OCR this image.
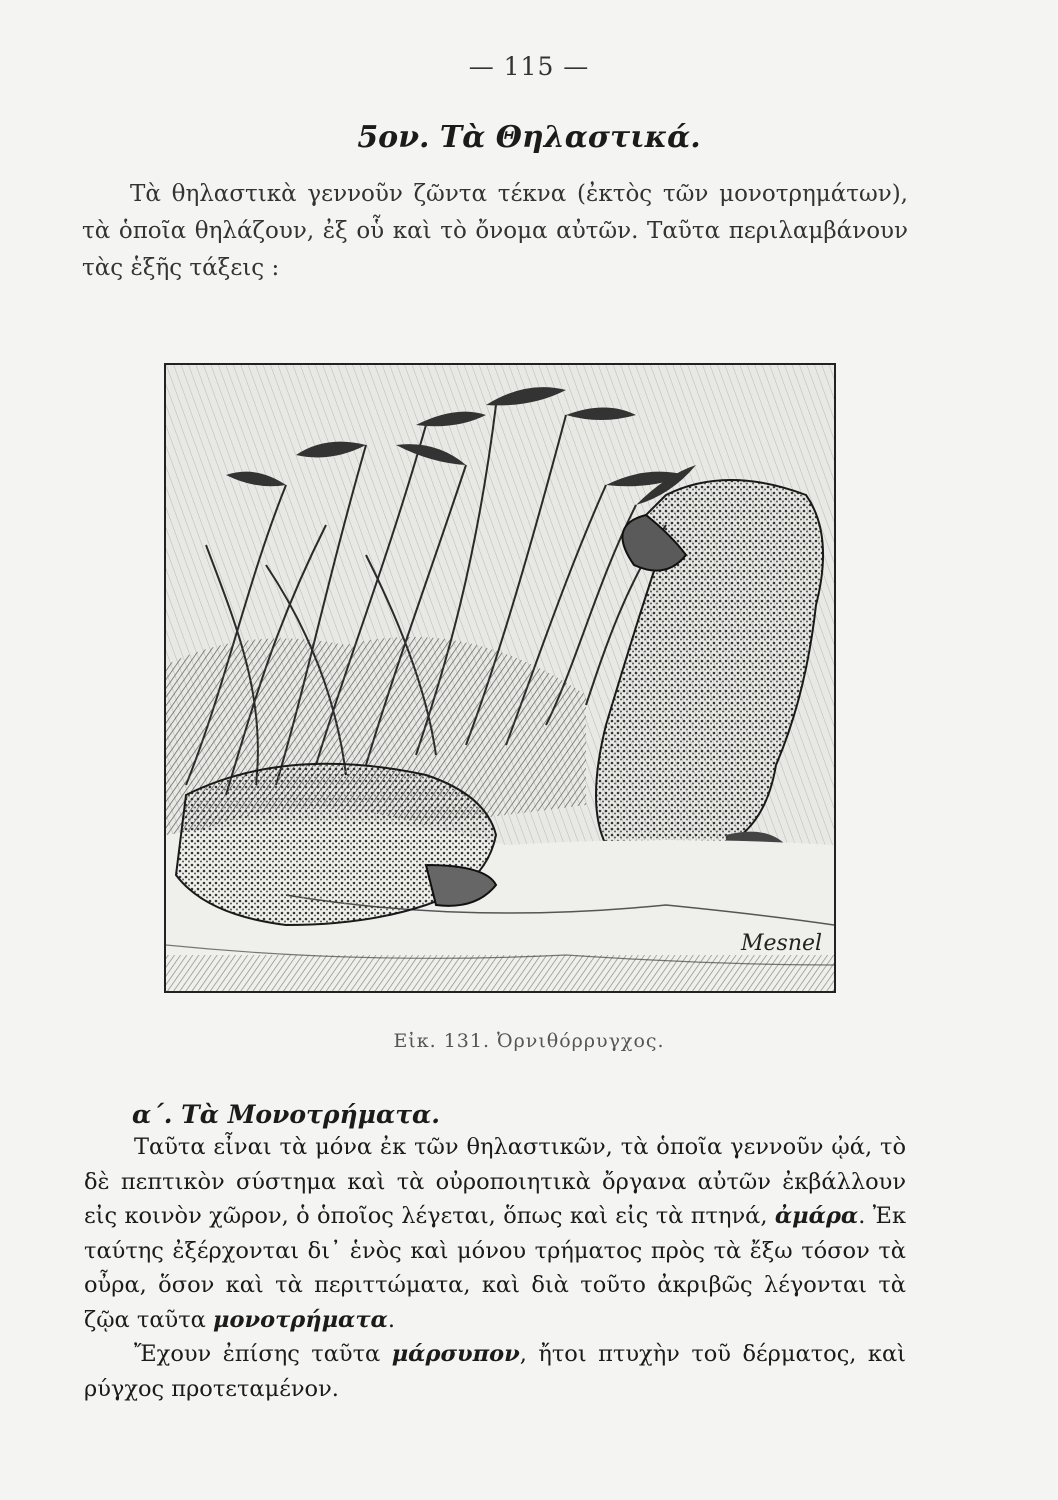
— 115 —
5ον. Τὰ Θηλαστικά.
Τὰ θηλαστικὰ γεννοῦν ζῶντα τέκνα (ἐκτὸς τῶν μονοτρημάτων), τὰ ὁποῖα θηλάζουν, ἐξ οὗ καὶ τὸ ὄνομα αὐτῶν. Ταῦτα περιλαμβάνουν τὰς ἑξῆς τάξεις :
Mesnel
Εἰκ. 131. Ὀρνιθόρρυγχος.
α΄. Τὰ Μονοτρήματα.

Ταῦτα εἶναι τὰ μόνα ἐκ τῶν θηλαστικῶν, τὰ ὁποῖα γεννοῦν ᾠά, τὸ δὲ πεπτικὸν σύστημα καὶ τὰ οὐροποιητικὰ ὄργανα αὐτῶν ἐκβάλλουν εἰς κοινὸν χῶρον, ὁ ὁποῖος λέγεται, ὅπως καὶ εἰς τὰ πτηνά, ἀμάρα. Ἐκ ταύτης ἐξέρχονται δι᾽ ἑνὸς καὶ μόνου τρήματος πρὸς τὰ ἔξω τόσον τὰ οὖρα, ὅσον καὶ τὰ περιττώματα, καὶ διὰ τοῦτο ἀκριβῶς λέγονται τὰ ζῷα ταῦτα μονοτρήματα.

Ἔχουν ἐπίσης ταῦτα μάρσυπον, ἤτοι πτυχὴν τοῦ δέρματος, καὶ ρύγχος προτεταμένον.
